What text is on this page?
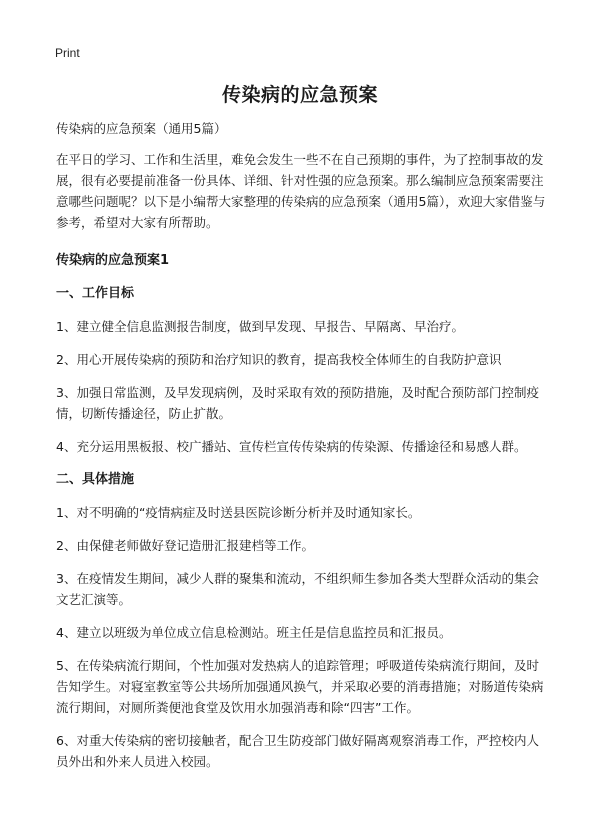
Print
传染病的应急预案

传染病的应急预案（通用5篇）

在平日的学习、工作和生活里，难免会发生一些不在自己预期的事件，为了控制事故的发展，很有必要提前准备一份具体、详细、针对性强的应急预案。那么编制应急预案需要注意哪些问题呢？以下是小编帮大家整理的传染病的应急预案（通用5篇），欢迎大家借鉴与参考，希望对大家有所帮助。

传染病的应急预案1
一、工作目标

1、建立健全信息监测报告制度，做到早发现、早报告、早隔离、早治疗。

2、用心开展传染病的预防和治疗知识的教育，提高我校全体师生的自我防护意识

3、加强日常监测，及早发现病例，及时采取有效的预防措施，及时配合预防部门控制疫情，切断传播途径，防止扩散。

4、充分运用黑板报、校广播站、宣传栏宣传传染病的传染源、传播途径和易感人群。

二、具体措施

1、对不明确的“疫情病症及时送县医院诊断分析并及时通知家长。

2、由保健老师做好登记造册汇报建档等工作。

3、在疫情发生期间，减少人群的聚集和流动，不组织师生参加各类大型群众活动的集会文艺汇演等。

4、建立以班级为单位成立信息检测站。班主任是信息监控员和汇报员。

5、在传染病流行期间，个性加强对发热病人的追踪管理；呼吸道传染病流行期间，及时告知学生。对寝室教室等公共场所加强通风换气，并采取必要的消毒措施；对肠道传染病流行期间，对厕所粪便池食堂及饮用水加强消毒和除“四害”工作。

6、对重大传染病的密切接触者，配合卫生防疫部门做好隔离观察消毒工作，严控校内人员外出和外来人员进入校园。
